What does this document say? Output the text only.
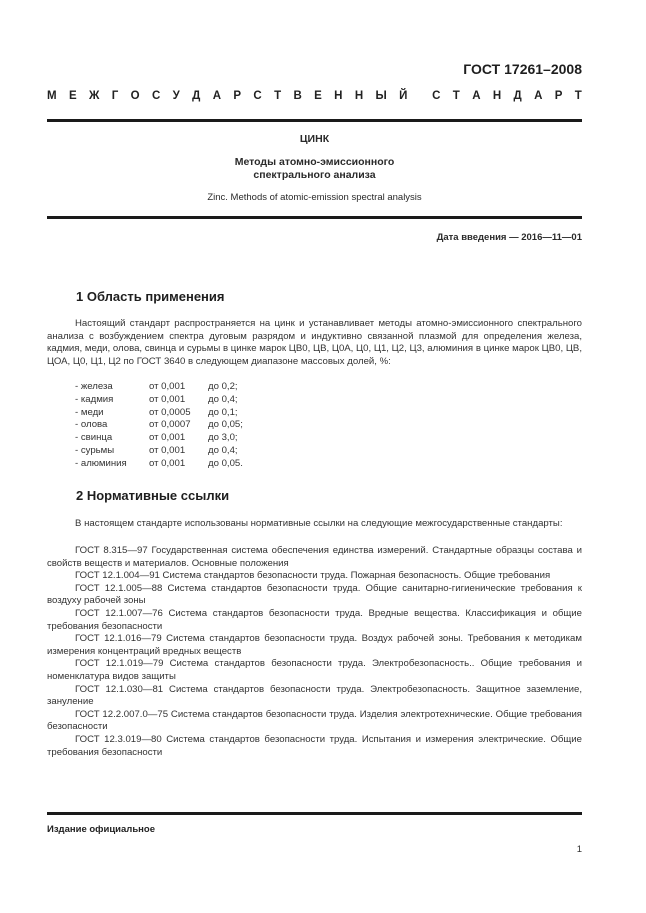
ГОСТ 17261–2008
М Е Ж Г О С У Д А Р С Т В Е Н Н Ы Й С Т А Н Д А Р Т
ЦИНК
Методы атомно-эмиссионного
спектрального анализа
Zinc. Methods of atomic-emission spectral analysis
Дата введения — 2016—11—01
1 Область применения
Настоящий стандарт распространяется на цинк и устанавливает методы атомно-эмиссионного спектрального анализа с возбуждением спектра дуговым разрядом и индуктивно связанной плазмой для определения железа, кадмия, меди, олова, свинца и сурьмы в цинке марок ЦВ0, ЦВ, Ц0А, Ц0, Ц1, Ц2, Ц3, алюминия в цинке марок ЦВ0, ЦВ, ЦОА, Ц0, Ц1, Ц2 по ГОСТ 3640 в следующем диапазоне массовых долей, %:
- железа	от 0,001	до 0,2;
- кадмия	от 0,001	до 0,4;
- меди	от 0,0005	до 0,1;
- олова	от 0,0007	до 0,05;
- свинца	от 0,001	до 3,0;
- сурьмы	от 0,001	до 0,4;
- алюминия	от 0,001	до 0,05.
2 Нормативные ссылки
В настоящем стандарте использованы нормативные ссылки на следующие межгосударственные стандарты:
ГОСТ 8.315—97 Государственная система обеспечения единства измерений. Стандартные образцы состава и свойств веществ и материалов. Основные положения
ГОСТ 12.1.004—91 Система стандартов безопасности труда. Пожарная безопасность. Общие требования
ГОСТ 12.1.005—88 Система стандартов безопасности труда. Общие санитарно-гигиенические требования к воздуху рабочей зоны
ГОСТ 12.1.007—76 Система стандартов безопасности труда. Вредные вещества. Классификация и общие требования безопасности
ГОСТ 12.1.016—79 Система стандартов безопасности труда. Воздух рабочей зоны. Требования к методикам измерения концентраций вредных веществ
ГОСТ 12.1.019—79 Система стандартов безопасности труда. Электробезопасность.. Общие требования и номенклатура видов защиты
ГОСТ 12.1.030—81 Система стандартов безопасности труда. Электробезопасность. Защитное заземление, зануление
ГОСТ 12.2.007.0—75 Система стандартов безопасности труда. Изделия электротехнические. Общие требования безопасности
ГОСТ 12.3.019—80 Система стандартов безопасности труда. Испытания и измерения электрические. Общие требования безопасности
Издание официальное
1
